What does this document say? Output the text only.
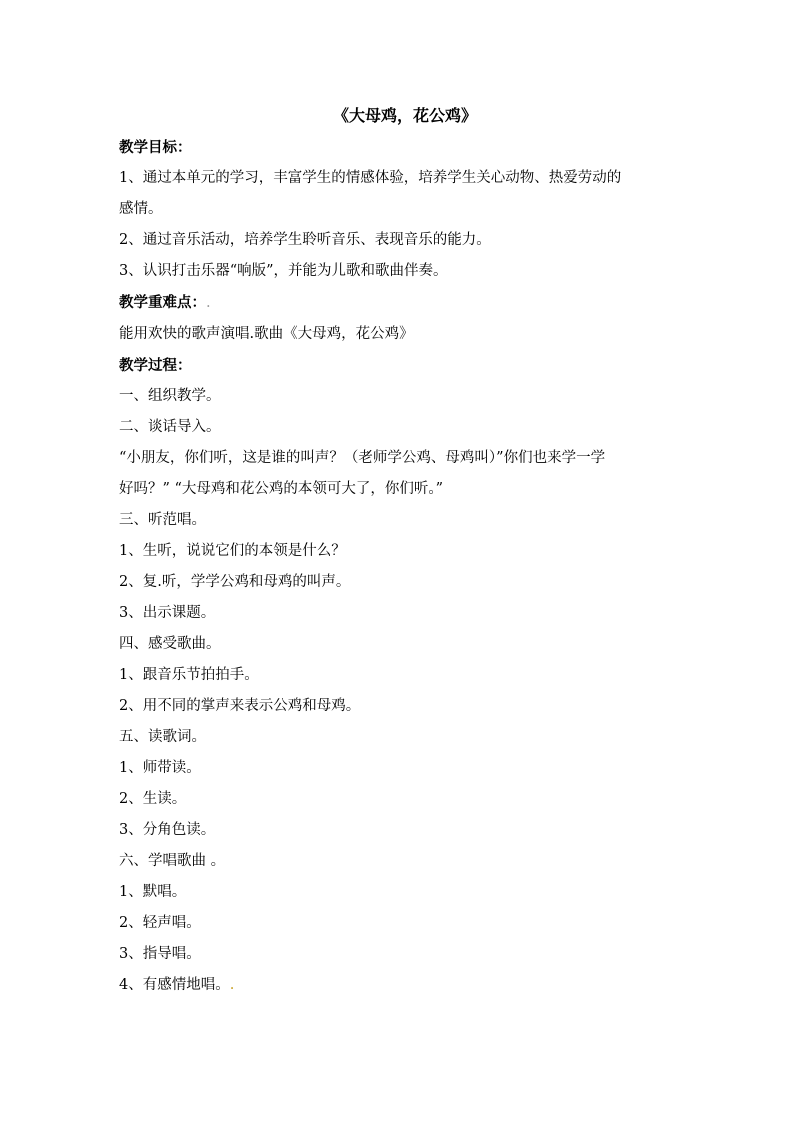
《大母鸡，花公鸡》

教学目标：

1、通过本单元的学习，丰富学生的情感体验，培养学生关心动物、热爱劳动的

感情。

2、通过音乐活动，培养学生聆听音乐、表现音乐的能力。

3、认识打击乐器“响版”，并能为儿歌和歌曲伴奏。

教学重难点：.

能用欢快的歌声演唱.歌曲《大母鸡，花公鸡》

教学过程：

一、组织教学。

二、谈话导入。

“小朋友，你们听，这是谁的叫声？（老师学公鸡、母鸡叫）”你们也来学一学

好吗？” “大母鸡和花公鸡的本领可大了，你们听。”

三、听范唱。

1、生听，说说它们的本领是什么？

2、复.听，学学公鸡和母鸡的叫声。

3、出示课题。

四、感受歌曲。

1、跟音乐节拍拍手。

2、用不同的掌声来表示公鸡和母鸡。

五、读歌词。

1、师带读。

2、生读。

3、分角色读。

六、学唱歌曲 。

1、默唱。

2、轻声唱。

3、指导唱。

4、有感情地唱。.
